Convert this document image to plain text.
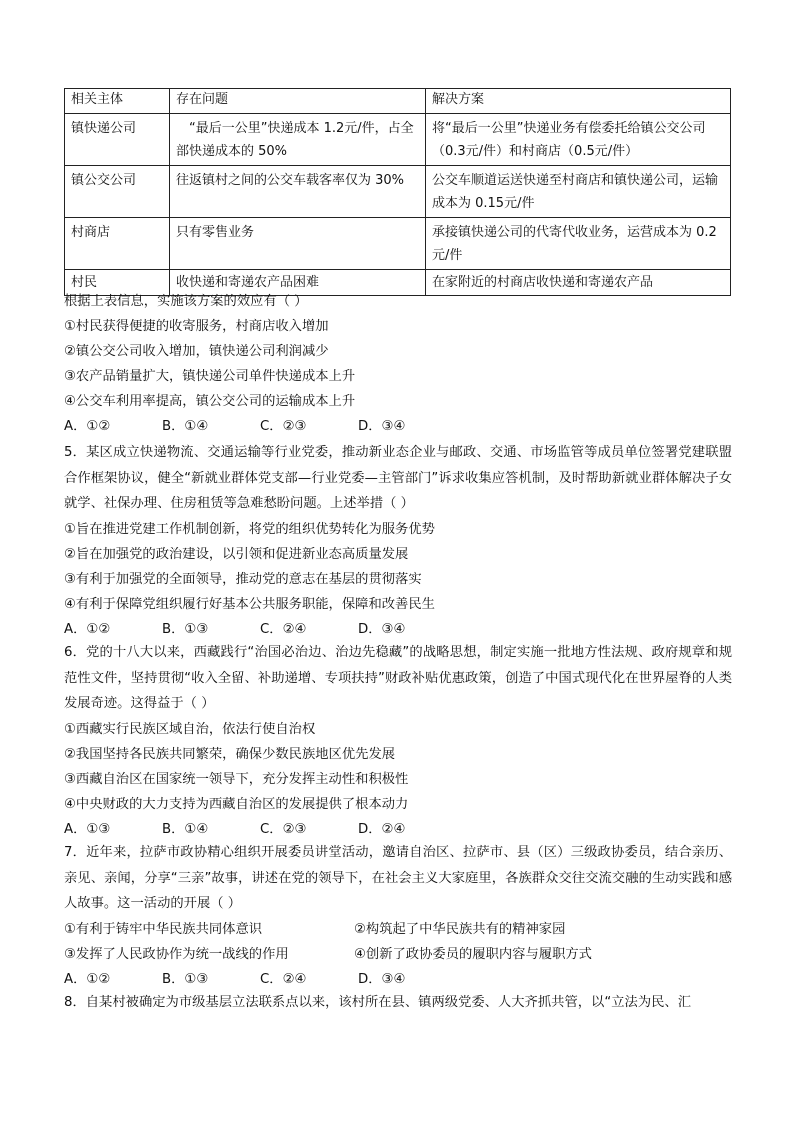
相关主体	存在问题	解决方案
镇快递公司	“最后一公里”快递成本 1.2元/件，占全部快递成本的 50%	将“最后一公里”快递业务有偿委托给镇公交公司（0.3元/件）和村商店（0.5元/件）
镇公交公司	往返镇村之间的公交车载客率仅为 30%	公交车顺道运送快递至村商店和镇快递公司，运输成本为 0.15元/件
村商店	只有零售业务	承接镇快递公司的代寄代收业务，运营成本为 0.2元/件
村民	收快递和寄递农产品困难	在家附近的村商店收快递和寄递农产品
根据上表信息，实施该方案的效应有（ ）
①村民获得便捷的收寄服务，村商店收入增加
②镇公交公司收入增加，镇快递公司利润减少
③农产品销量扩大，镇快递公司单件快递成本上升
④公交车利用率提高，镇公交公司的运输成本上升
A．①②	B．①④	C．②③	D．③④
5．某区成立快递物流、交通运输等行业党委，推动新业态企业与邮政、交通、市场监管等成员单位签署党建联盟合作框架协议，健全“新就业群体党支部—行业党委—主管部门”诉求收集应答机制，及时帮助新就业群体解决子女就学、社保办理、住房租赁等急难愁盼问题。上述举措（ ）
①旨在推进党建工作机制创新，将党的组织优势转化为服务优势
②旨在加强党的政治建设，以引领和促进新业态高质量发展
③有利于加强党的全面领导，推动党的意志在基层的贯彻落实
④有利于保障党组织履行好基本公共服务职能，保障和改善民生
A．①②	B．①③	C．②④	D．③④
6．党的十八大以来，西藏践行“治国必治边、治边先稳藏”的战略思想，制定实施一批地方性法规、政府规章和规范性文件，坚持贯彻“收入全留、补助递增、专项扶持”财政补贴优惠政策，创造了中国式现代化在世界屋脊的人类发展奇迹。这得益于（ ）
①西藏实行民族区域自治，依法行使自治权
②我国坚持各民族共同繁荣，确保少数民族地区优先发展
③西藏自治区在国家统一领导下，充分发挥主动性和积极性
④中央财政的大力支持为西藏自治区的发展提供了根本动力
A．①③	B．①④	C．②③	D．②④
7．近年来，拉萨市政协精心组织开展委员讲堂活动，邀请自治区、拉萨市、县（区）三级政协委员，结合亲历、亲见、亲闻，分享“三亲”故事，讲述在党的领导下，在社会主义大家庭里，各族群众交往交流交融的生动实践和感人故事。这一活动的开展（ ）
①有利于铸牢中华民族共同体意识	②构筑起了中华民族共有的精神家园
③发挥了人民政协作为统一战线的作用	④创新了政协委员的履职内容与履职方式
A．①②	B．①③	C．②④	D．③④
8．自某村被确定为市级基层立法联系点以来，该村所在县、镇两级党委、人大齐抓共管，以“立法为民、汇
